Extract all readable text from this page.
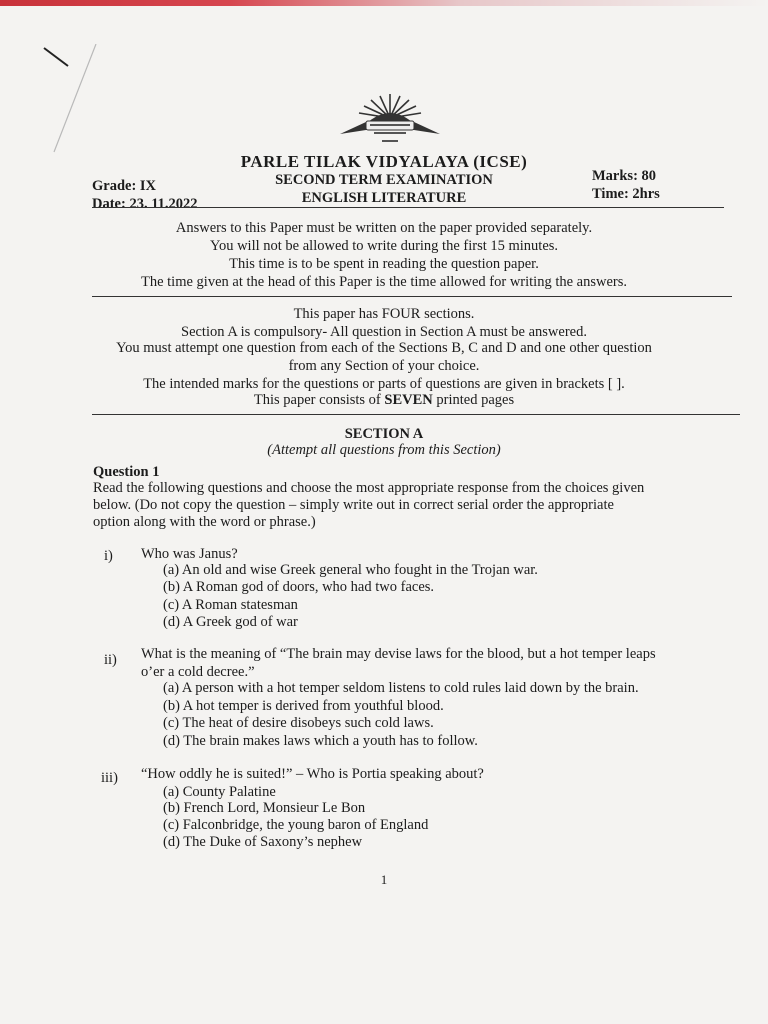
PARLE TILAK VIDYALAYA (ICSE)
SECOND TERM EXAMINATION
ENGLISH LITERATURE
Grade: IX
Date: 23. 11.2022
Marks: 80
Time: 2hrs
Answers to this Paper must be written on the paper provided separately.
You will not be allowed to write during the first 15 minutes.
This time is to be spent in reading the question paper.
The time given at the head of this Paper is the time allowed for writing the answers.
This paper has FOUR sections.
Section A is compulsory- All question in Section A must be answered.
You must attempt one question from each of the Sections B, C and D and one other question
from any Section of your choice.
The intended marks for the questions or parts of questions are given in brackets [ ].
This paper consists of SEVEN printed pages
SECTION A
(Attempt all questions from this Section)
Question 1
Read the following questions and choose the most appropriate response from the choices given
below. (Do not copy the question – simply write out in correct serial order the appropriate
option along with the word or phrase.)
i) Who was Janus?
(a) An old and wise Greek general who fought in the Trojan war.
(b) A Roman god of doors, who had two faces.
(c) A Roman statesman
(d) A Greek god of war
ii) What is the meaning of “The brain may devise laws for the blood, but a hot temper leaps
o’er a cold decree.”
(a) A person with a hot temper seldom listens to cold rules laid down by the brain.
(b) A hot temper is derived from youthful blood.
(c) The heat of desire disobeys such cold laws.
(d) The brain makes laws which a youth has to follow.
iii) “How oddly he is suited!” – Who is Portia speaking about?
(a) County Palatine
(b) French Lord, Monsieur Le Bon
(c) Falconbridge, the young baron of England
(d) The Duke of Saxony’s nephew
1
